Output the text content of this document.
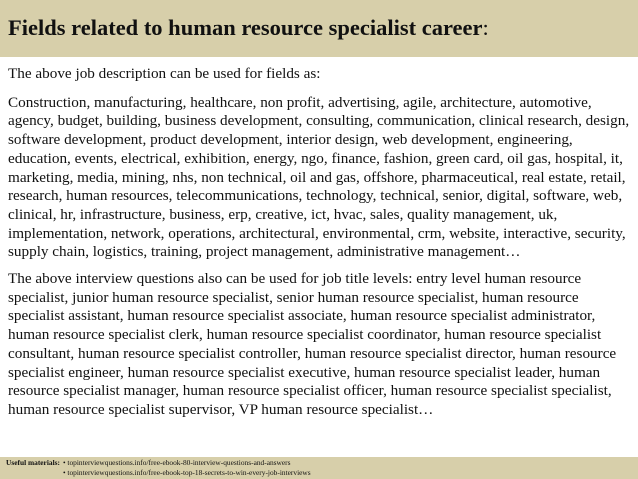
Fields related to human resource specialist career:

The above job description can be used for fields as:

Construction, manufacturing, healthcare, non profit, advertising, agile, architecture, automotive, agency, budget, building, business development, consulting, communication, clinical research, design, software development, product development, interior design, web development, engineering, education, events, electrical, exhibition, energy, ngo, finance, fashion, green card, oil gas, hospital, it, marketing, media, mining, nhs, non technical, oil and gas, offshore, pharmaceutical, real estate, retail, research, human resources, telecommunications, technology, technical, senior, digital, software, web, clinical, hr, infrastructure, business, erp, creative, ict, hvac, sales, quality management, uk, implementation, network, operations, architectural, environmental, crm, website, interactive, security, supply chain, logistics, training, project management, administrative management…

The above interview questions also can be used for job title levels: entry level human resource specialist, junior human resource specialist, senior human resource specialist, human resource specialist assistant, human resource specialist associate, human resource specialist administrator, human resource specialist clerk, human resource specialist coordinator, human resource specialist consultant, human resource specialist controller, human resource specialist director, human resource specialist engineer, human resource specialist executive, human resource specialist leader, human resource specialist manager, human resource specialist officer, human resource specialist specialist, human resource specialist supervisor, VP human resource specialist…

Useful materials: • topinterviewquestions.info/free-ebook-80-interview-questions-and-answers
• topinterviewquestions.info/free-ebook-top-18-secrets-to-win-every-job-interviews
